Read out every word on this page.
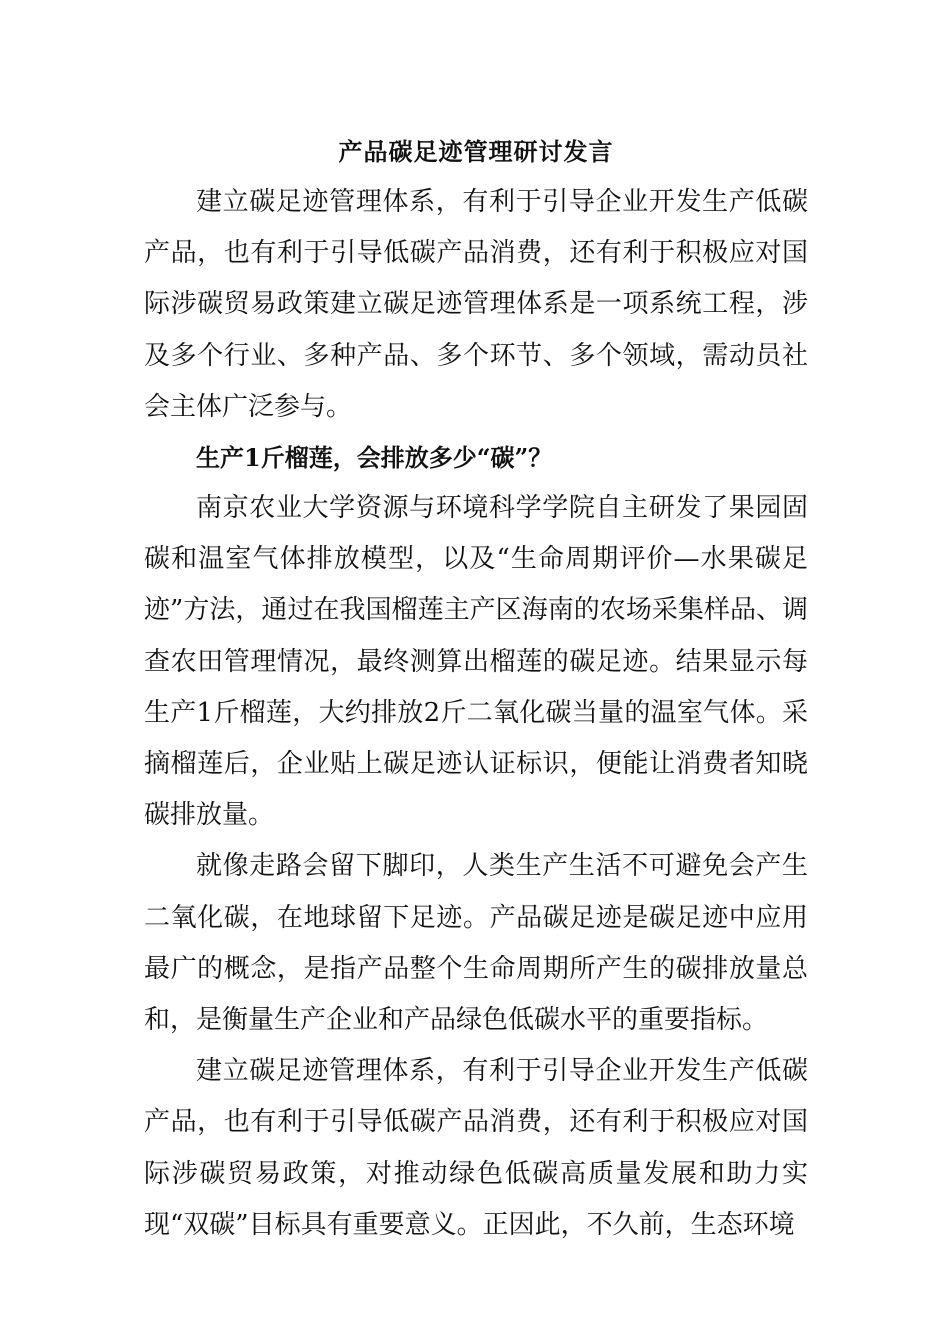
产品碳足迹管理研讨发言

建立碳足迹管理体系，有利于引导企业开发生产低碳产品，也有利于引导低碳产品消费，还有利于积极应对国际涉碳贸易政策建立碳足迹管理体系是一项系统工程，涉及多个行业、多种产品、多个环节、多个领域，需动员社会主体广泛参与。

生产1斤榴莲，会排放多少“碳”？

南京农业大学资源与环境科学学院自主研发了果园固碳和温室气体排放模型，以及“生命周期评价—水果碳足迹”方法，通过在我国榴莲主产区海南的农场采集样品、调查农田管理情况，最终测算出榴莲的碳足迹。结果显示每生产1斤榴莲，大约排放2斤二氧化碳当量的温室气体。采摘榴莲后，企业贴上碳足迹认证标识，便能让消费者知晓碳排放量。

就像走路会留下脚印，人类生产生活不可避免会产生二氧化碳，在地球留下足迹。产品碳足迹是碳足迹中应用最广的概念，是指产品整个生命周期所产生的碳排放量总和，是衡量生产企业和产品绿色低碳水平的重要指标。

建立碳足迹管理体系，有利于引导企业开发生产低碳产品，也有利于引导低碳产品消费，还有利于积极应对国际涉碳贸易政策，对推动绿色低碳高质量发展和助力实现“双碳”目标具有重要意义。正因此，不久前，生态环境
